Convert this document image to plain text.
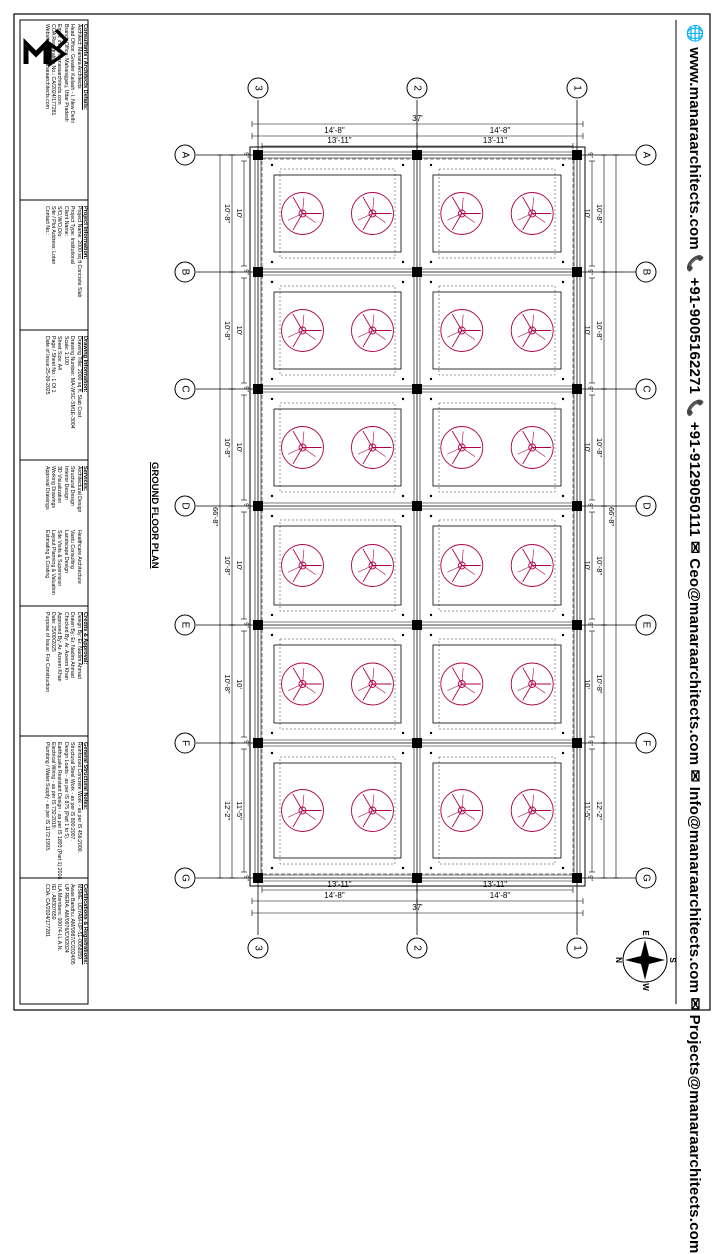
1
1
2
2
3
3
A	A
B	B
C	C
D	D
E	E
F	F
G	G
37'
14'-8"	14'-8"
13'-11"	13'-11"
13'-11"	13'-11"
14'-8"	14'-8"
37'
10'-8" 10'	10'-8"
10'
10'-8" 10'	10'-8"
10'
10'-8" 10'	10'-8"
10'
10'-8" 10'	10'-8"
10'
10'-8" 10'	10'-8"
10'
12'-2" 11'-5"	12'-2"
11'-5"
66'-8"	66'-8"
9"	9"
9"	9"
9"	9"
9"	9"
9"	9"
9"	9"
9"	9"
E
N
W
S
Consultants / Architects Details:
Architect: Manara Architects
Head Office: Greater Kailash - I, New Delhi
Branch Office: Maharajganj, Uttar Pradesh
Email: info@manaraarchitects.com
COA Registration No.: CA/2024/177281
Website: www.manaraarchitects.com
Project Information:
Project Name: 2000 sq ft Concrete Slab
Project Type: Institutional
Client Name:
S/O,W/O,D/o:
Site / Plot Address: Lotan
Contact No.:
Drawing Information:
Drawing Title: 2000 sq ft. Slab Cost
Drawing Number: MA-WSC-SM1E-3004
Scale: 1:100
Sheet Size: A4
Page / Sheet No.: 1 Of 1
Date of Issue:25-09-2025
Services:
Architectural Design
Structural Design
Interior Design
3D Visualization
Working Drawings
Approval Drawings

Healthcare Architecture
Vastu Consulting
Landscape Design
Site Visits & Supervision
Layout Planning & Valuation
Estimating & Costing
Credits & Approval:
Design By: Er. Nadim Ahmad
Drawn By: Er. Nadim Ahmad
Checked By: Ar. Azeem Khan
Approved By: Ar. Azeem Khan
Date: 25/09/2025
Purpose of Issue: For Construction
General Structural Notes:
Reinforced Concrete Work - as per IS 456:2000.
Structural Steel Work - as per IS 800:2007.
Design Loads - as per IS 875 (Part 1 to 5).
Earthquake Resistant Design - as per IS 1893 (Part 1):2016.
Electrical Wiring - as per IS 732:2019.
Plumbing / Water Supply - as per IS 1172:1993.
Certifications & Registrations:
MSME: UDYAM-UP-51-0058059
Awas Bandhu: AM/0987/C/2024/05
UP RERA: AM/0976/C/0/2024
ILA Members: 00074-I.L.A.N.
IEI : AM307650
COA: CA/2024/177281
GROUND FLOOR PLAN	🌐 www.manaraarchitects.com 📞 +91-9005162271 📞 +91-9129050111 ✉ Ceo@manaraarchitects.com ✉ Info@manaraarchitects.com ✉ Projects@manaraarchitects.com
